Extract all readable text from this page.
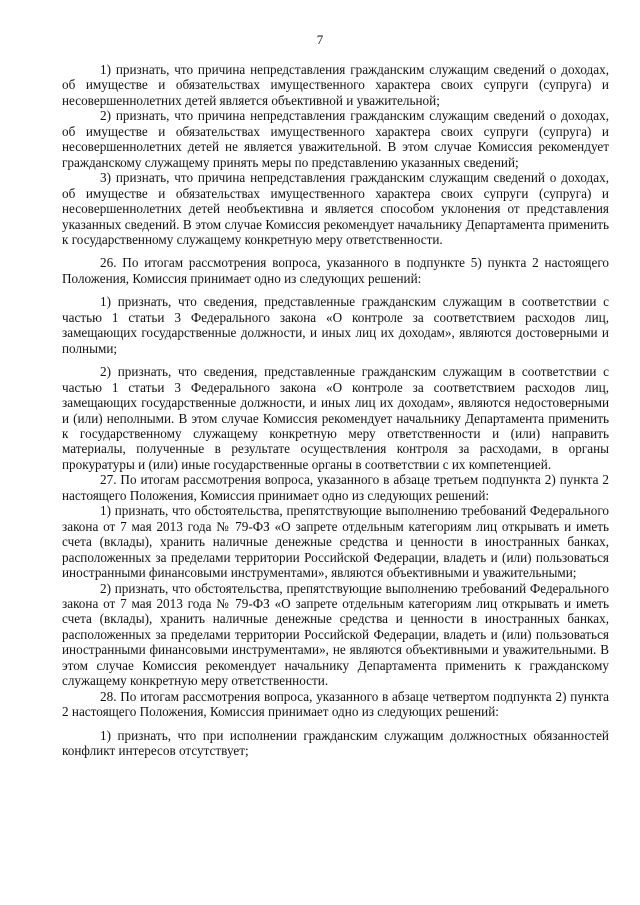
7

1) признать, что причина непредставления гражданским служащим сведений о доходах, об имуществе и обязательствах имущественного характера своих супруги (супруга) и несовершеннолетних детей является объективной и уважительной;

2) признать, что причина непредставления гражданским служащим сведений о доходах, об имуществе и обязательствах имущественного характера своих супруги (супруга) и несовершеннолетних детей не является уважительной. В этом случае Комиссия рекомендует гражданскому служащему принять меры по представлению указанных сведений;

3) признать, что причина непредставления гражданским служащим сведений о доходах, об имуществе и обязательствах имущественного характера своих супруги (супруга) и несовершеннолетних детей необъективна и является способом уклонения от представления указанных сведений. В этом случае Комиссия рекомендует начальнику Департамента применить к государственному служащему конкретную меру ответственности.

26. По итогам рассмотрения вопроса, указанного в подпункте 5) пункта 2 настоящего Положения, Комиссия принимает одно из следующих решений:

1) признать, что сведения, представленные гражданским служащим в соответствии с частью 1 статьи 3 Федерального закона «О контроле за соответствием расходов лиц, замещающих государственные должности, и иных лиц их доходам», являются достоверными и полными;

2) признать, что сведения, представленные гражданским служащим в соответствии с частью 1 статьи 3 Федерального закона «О контроле за соответствием расходов лиц, замещающих государственные должности, и иных лиц их доходам», являются недостоверными и (или) неполными. В этом случае Комиссия рекомендует начальнику Департамента применить к государственному служащему конкретную меру ответственности и (или) направить материалы, полученные в результате осуществления контроля за расходами, в органы прокуратуры и (или) иные государственные органы в соответствии с их компетенцией.

27. По итогам рассмотрения вопроса, указанного в абзаце третьем подпункта 2) пункта 2 настоящего Положения, Комиссия принимает одно из следующих решений:

1) признать, что обстоятельства, препятствующие выполнению требований Федерального закона от 7 мая 2013 года № 79-ФЗ «О запрете отдельным категориям лиц открывать и иметь счета (вклады), хранить наличные денежные средства и ценности в иностранных банках, расположенных за пределами территории Российской Федерации, владеть и (или) пользоваться иностранными финансовыми инструментами», являются объективными и уважительными;

2) признать, что обстоятельства, препятствующие выполнению требований Федерального закона от 7 мая 2013 года № 79-ФЗ «О запрете отдельным категориям лиц открывать и иметь счета (вклады), хранить наличные денежные средства и ценности в иностранных банках, расположенных за пределами территории Российской Федерации, владеть и (или) пользоваться иностранными финансовыми инструментами», не являются объективными и уважительными. В этом случае Комиссия рекомендует начальнику Департамента применить к гражданскому служащему конкретную меру ответственности.

28. По итогам рассмотрения вопроса, указанного в абзаце четвертом подпункта 2) пункта 2 настоящего Положения, Комиссия принимает одно из следующих решений:

1) признать, что при исполнении гражданским служащим должностных обязанностей конфликт интересов отсутствует;
